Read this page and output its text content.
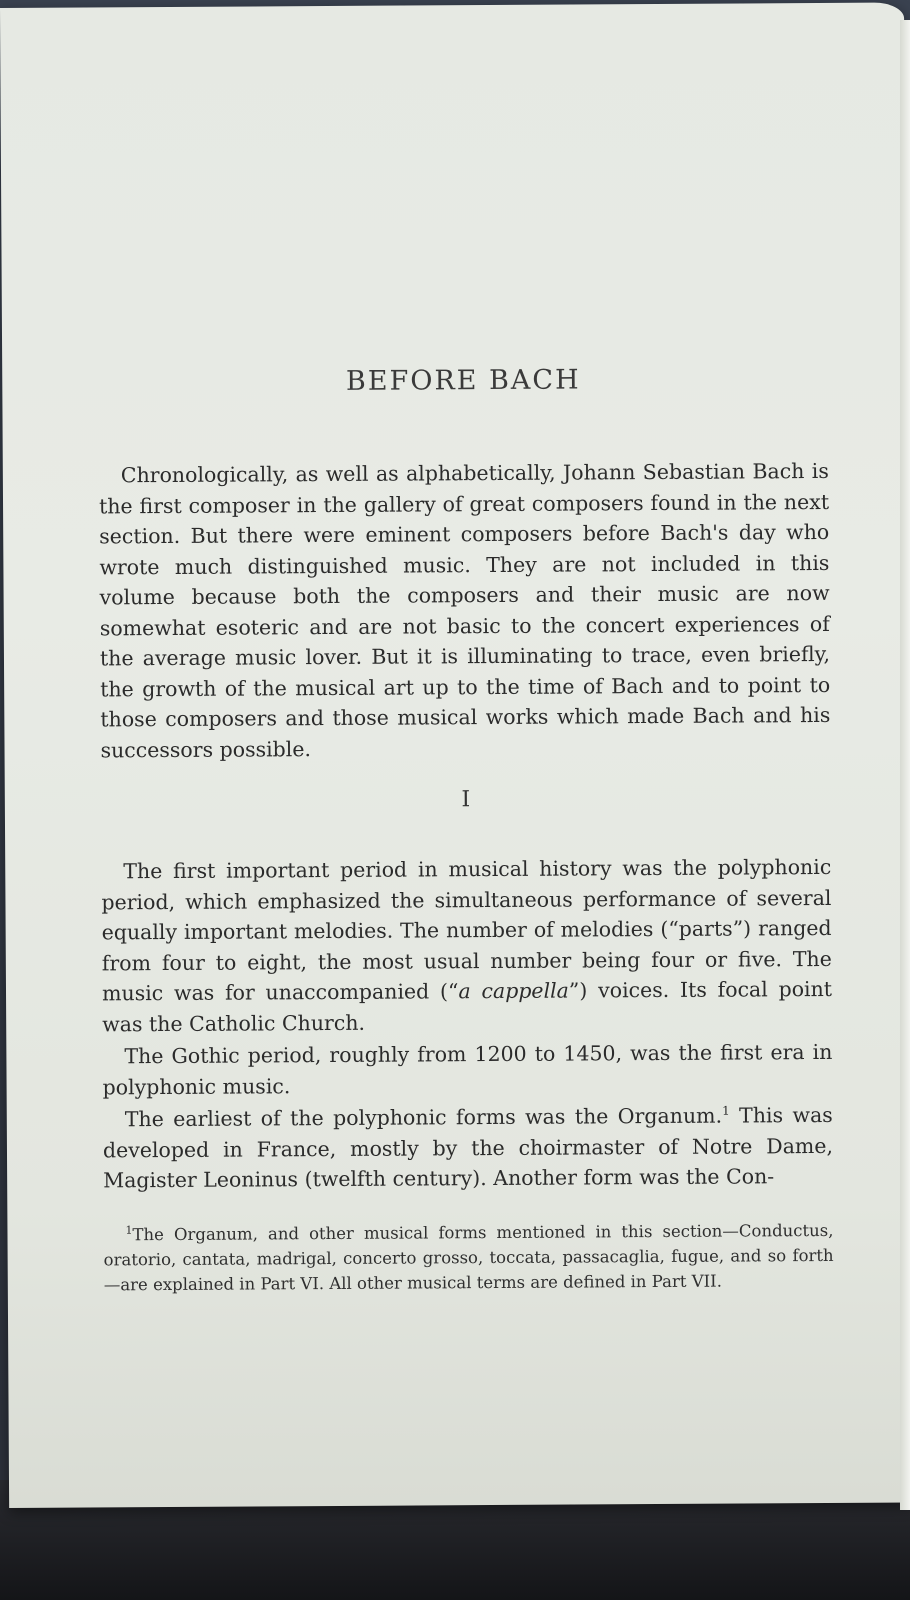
BEFORE BACH

Chronologically, as well as alphabetically, Johann Sebastian Bach is the first composer in the gallery of great composers found in the next section. But there were eminent composers before Bach's day who wrote much distinguished music. They are not included in this volume because both the composers and their music are now somewhat esoteric and are not basic to the concert experiences of the average music lover. But it is illuminating to trace, even briefly, the growth of the musical art up to the time of Bach and to point to those composers and those musical works which made Bach and his successors possible.

I

The first important period in musical history was the polyphonic period, which emphasized the simultaneous performance of several equally important melodies. The number of melodies (“parts”) ranged from four to eight, the most usual number being four or five. The music was for unaccompanied (“a cappella”) voices. Its focal point was the Catholic Church.

The Gothic period, roughly from 1200 to 1450, was the first era in polyphonic music.

The earliest of the polyphonic forms was the Organum.$^1$ This was developed in France, mostly by the choirmaster of Notre Dame, Magister Leoninus (twelfth century). Another form was the Con-

$^1$The Organum, and other musical forms mentioned in this section—Conductus, oratorio, cantata, madrigal, concerto grosso, toccata, passacaglia, fugue, and so forth—are explained in Part VI. All other musical terms are defined in Part VII.
